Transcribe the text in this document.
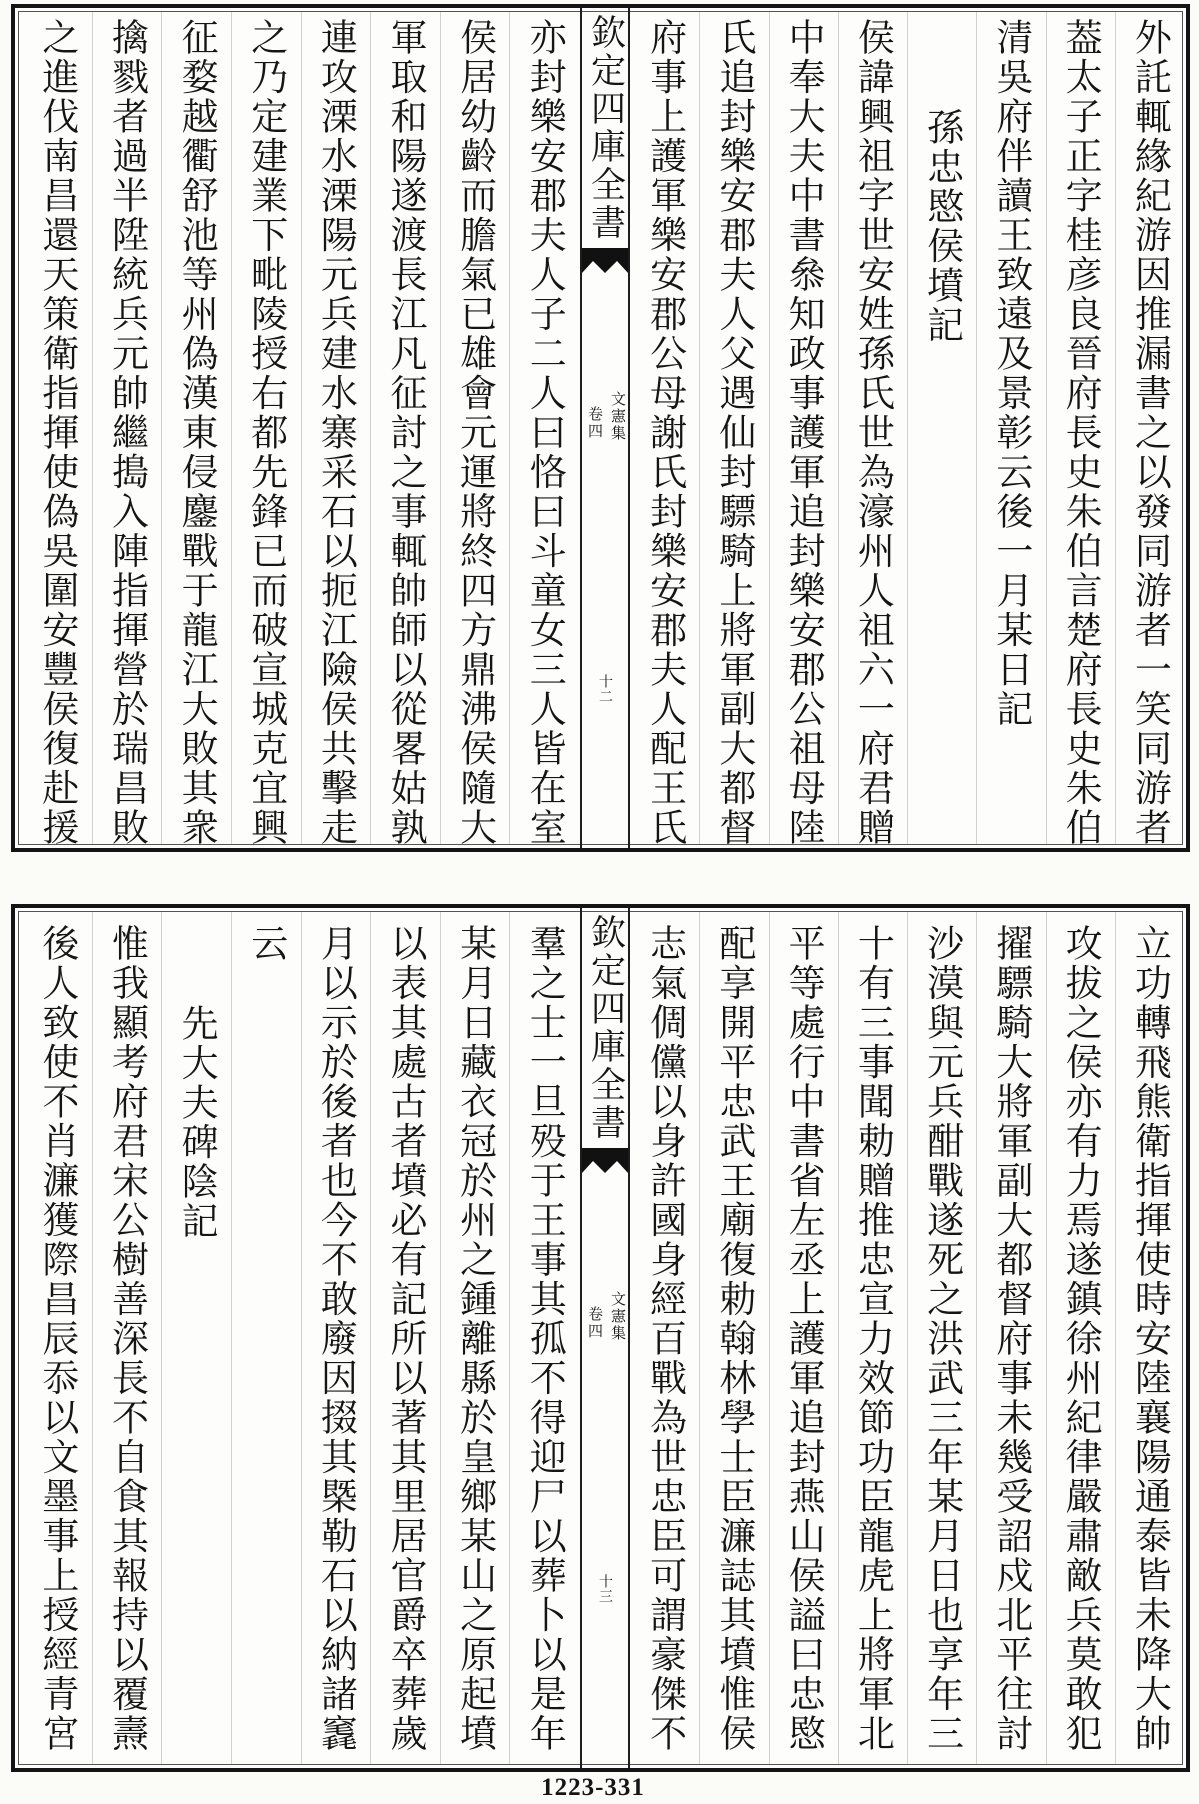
外託輒緣紀游因推漏書之以發同游者一笑同游者
葢太子正字桂彦良晉府長史朱伯言楚府長史朱伯
清吳府伴讀王致遠及景彰云後一月某日記
孫忠愍侯墳記
侯諱興祖字世安姓孫氏世為濠州人祖六一府君贈
中奉大夫中書叅知政事護軍追封樂安郡公祖母陸
氏追封樂安郡夫人父遇仙封驃騎上將軍副大都督
府事上護軍樂安郡公母謝氏封樂安郡夫人配王氏
欽定四庫全書
文憲集
卷四
十二
亦封樂安郡夫人子二人曰恪曰斗童女三人皆在室
侯居幼齡而膽氣已雄會元運將終四方鼎沸侯隨大
軍取和陽遂渡長江凡征討之事輒帥師以從畧姑孰
連攻溧水溧陽元兵建水寨采石以扼江險侯共擊走
之乃定建業下毗陵授右都先鋒已而破宣城克宜興
征婺越衢舒池等州偽漢東侵鏖戰于龍江大敗其衆
擒戮者過半陞統兵元帥繼搗入陣指揮營於瑞昌敗
之進伐南昌還天策衛指揮使偽吳圍安豐侯復赴援
立功轉飛熊衛指揮使時安陸襄陽通泰皆未降大帥
攻拔之侯亦有力焉遂鎮徐州紀律嚴肅敵兵莫敢犯
擢驃騎大將軍副大都督府事未幾受詔戍北平往討
沙漠與元兵酣戰遂死之洪武三年某月日也享年三
十有三事聞勅贈推忠宣力效節功臣龍虎上將軍北
平等處行中書省左丞上護軍追封燕山侯謚曰忠愍
配享開平忠武王廟復勅翰林學士臣濂誌其墳惟侯
志氣倜儻以身許國身經百戰為世忠臣可謂豪傑不
欽定四庫全書
文憲集
卷四
十三
羣之士一旦殁于王事其孤不得迎尸以葬卜以是年
某月日藏衣冠於州之鍾離縣於皇鄉某山之原起墳
以表其處古者墳必有記所以著其里居官爵卒葬歲
月以示於後者也今不敢廢因掇其槩勒石以納諸竁
云
先大夫碑陰記
惟我顯考府君宋公樹善深長不自食其報持以覆燾
後人致使不肖濂獲際昌辰忝以文墨事上授經青宮
1223-331
